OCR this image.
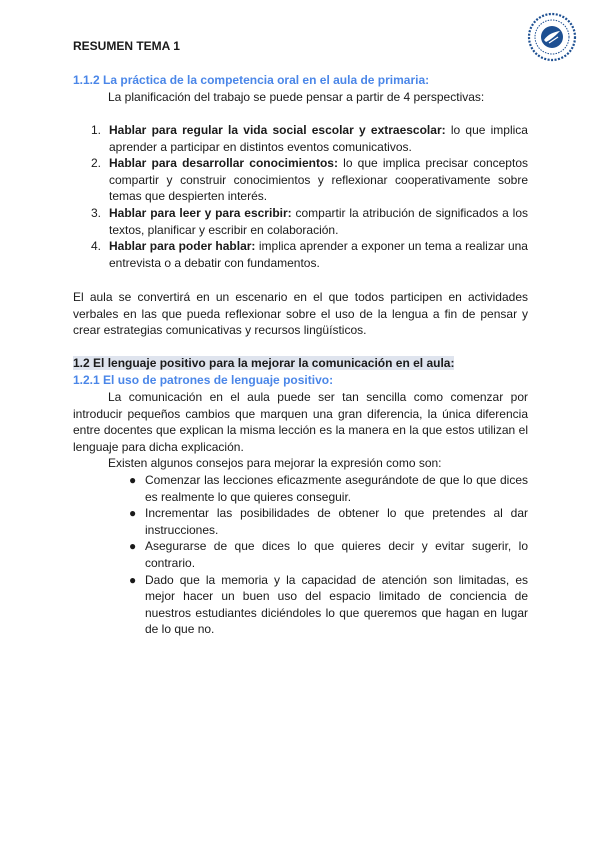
RESUMEN TEMA 1
1.1.2 La práctica de la competencia oral en el aula de primaria:
La planificación del trabajo se puede pensar a partir de 4 perspectivas:
1. Hablar para regular la vida social escolar y extraescolar: lo que implica aprender a participar en distintos eventos comunicativos.
2. Hablar para desarrollar conocimientos: lo que implica precisar conceptos compartir y construir conocimientos y reflexionar cooperativamente sobre temas que despierten interés.
3. Hablar para leer y para escribir: compartir la atribución de significados a los textos, planificar y escribir en colaboración.
4. Hablar para poder hablar: implica aprender a exponer un tema a realizar una entrevista o a debatir con fundamentos.
El aula se convertirá en un escenario en el que todos participen en actividades verbales en las que pueda reflexionar sobre el uso de la lengua a fin de pensar y crear estrategias comunicativas y recursos lingüísticos.
1.2 El lenguaje positivo para la mejorar la comunicación en el aula:
1.2.1 El uso de patrones de lenguaje positivo:
La comunicación en el aula puede ser tan sencilla como comenzar por introducir pequeños cambios que marquen una gran diferencia, la única diferencia entre docentes que explican la misma lección es la manera en la que estos utilizan el lenguaje para dicha explicación.
Existen algunos consejos para mejorar la expresión como son:
● Comenzar las lecciones eficazmente asegurándote de que lo que dices es realmente lo que quieres conseguir.
● Incrementar las posibilidades de obtener lo que pretendes al dar instrucciones.
● Asegurarse de que dices lo que quieres decir y evitar sugerir, lo contrario.
● Dado que la memoria y la capacidad de atención son limitadas, es mejor hacer un buen uso del espacio limitado de conciencia de nuestros estudiantes diciéndoles lo que queremos que hagan en lugar de lo que no.
